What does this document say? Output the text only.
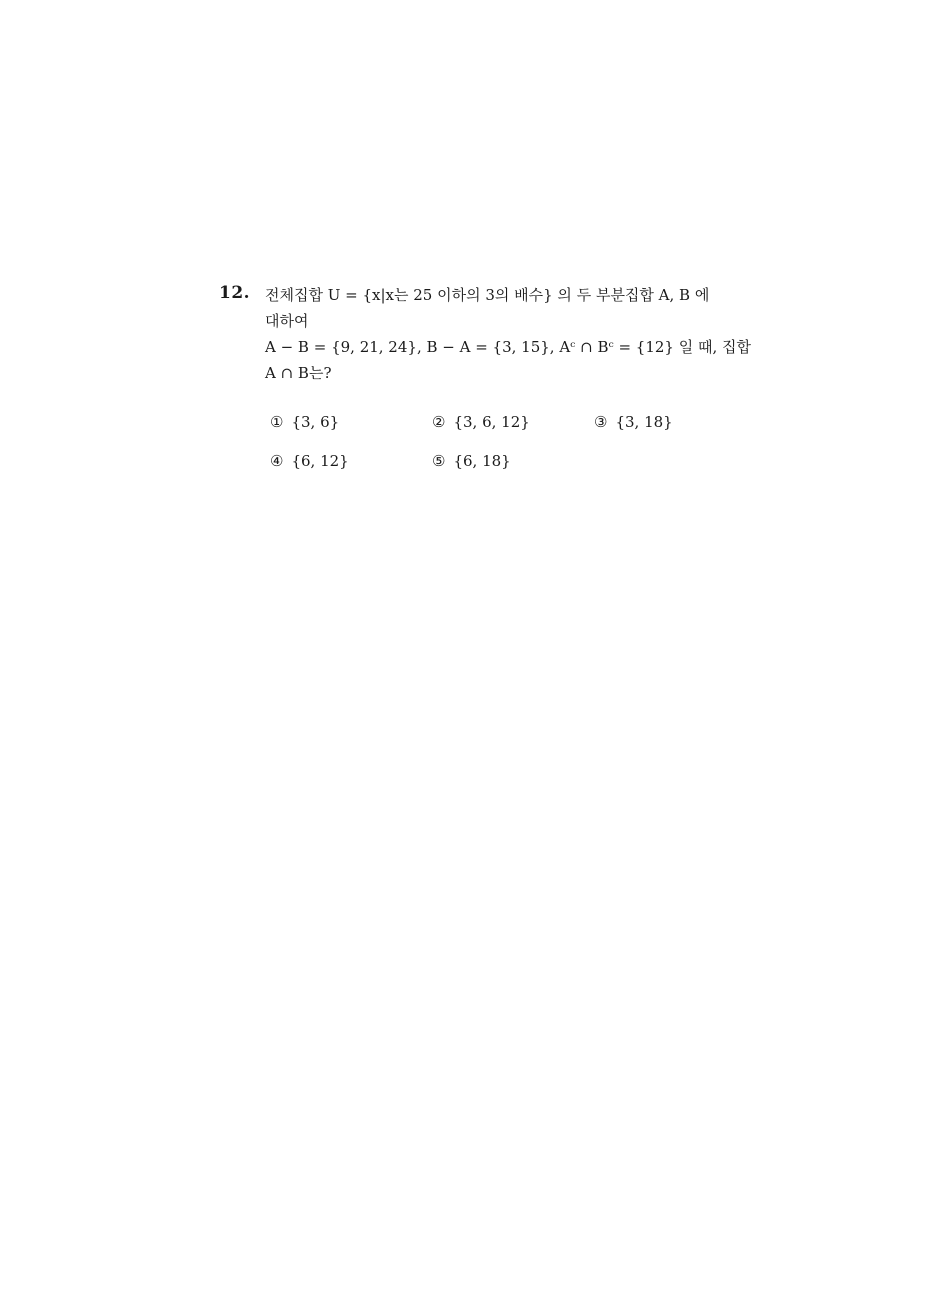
12. 전체집합 U = {x|x는 25 이하의 3의 배수} 의 두 부분집합 A, B 에
대하여
A − B = {9, 21, 24}, B − A = {3, 15}, Aᶜ ∩ Bᶜ = {12} 일 때, 집합
A ∩ B는?
① {3, 6}	② {3, 6, 12}	③ {3, 18}
④ {6, 12}	⑤ {6, 18}
